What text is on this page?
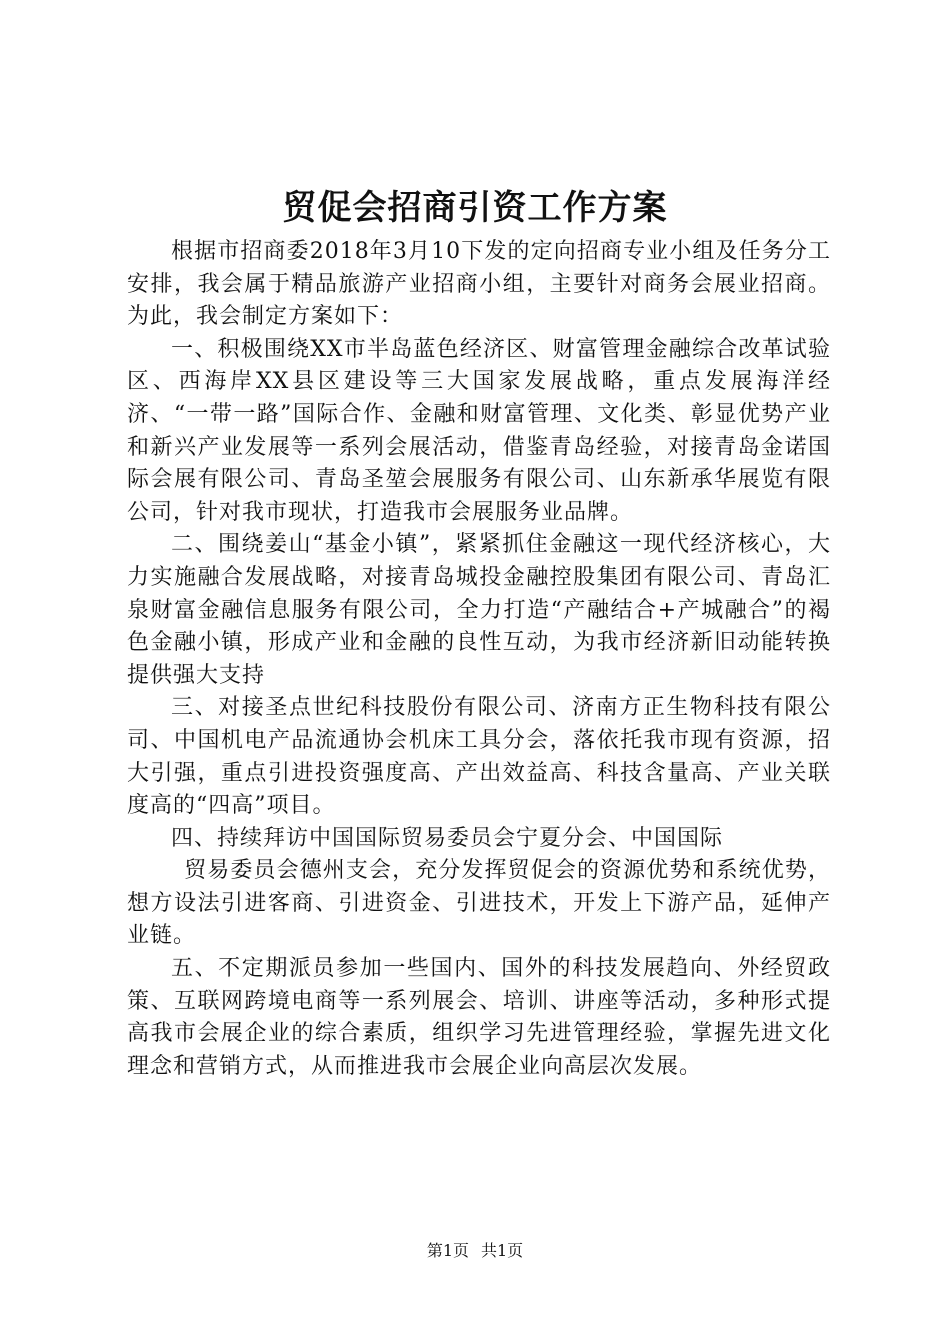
贸促会招商引资工作方案

根据市招商委2018年3月10下发的定向招商专业小组及任务分工安排，我会属于精品旅游产业招商小组，主要针对商务会展业招商。为此，我会制定方案如下：

一、积极围绕XX市半岛蓝色经济区、财富管理金融综合改革试验区、西海岸XX县区建设等三大国家发展战略，重点发展海洋经济、“一带一路”国际合作、金融和财富管理、文化类、彰显优势产业和新兴产业发展等一系列会展活动，借鉴青岛经验，对接青岛金诺国际会展有限公司、青岛圣堃会展服务有限公司、山东新承华展览有限公司，针对我市现状，打造我市会展服务业品牌。

二、围绕姜山“基金小镇”，紧紧抓住金融这一现代经济核心，大力实施融合发展战略，对接青岛城投金融控股集团有限公司、青岛汇泉财富金融信息服务有限公司，全力打造“产融结合+产城融合”的褐色金融小镇，形成产业和金融的良性互动，为我市经济新旧动能转换提供强大支持

三、对接圣点世纪科技股份有限公司、济南方正生物科技有限公司、中国机电产品流通协会机床工具分会，落依托我市现有资源，招大引强，重点引进投资强度高、产出效益高、科技含量高、产业关联度高的“四高”项目。

四、持续拜访中国国际贸易委员会宁夏分会、中国国际

贸易委员会德州支会，充分发挥贸促会的资源优势和系统优势，想方设法引进客商、引进资金、引进技术，开发上下游产品，延伸产业链。

五、不定期派员参加一些国内、国外的科技发展趋向、外经贸政策、互联网跨境电商等一系列展会、培训、讲座等活动，多种形式提高我市会展企业的综合素质，组织学习先进管理经验，掌握先进文化理念和营销方式，从而推进我市会展企业向高层次发展。

第1页 共1页
